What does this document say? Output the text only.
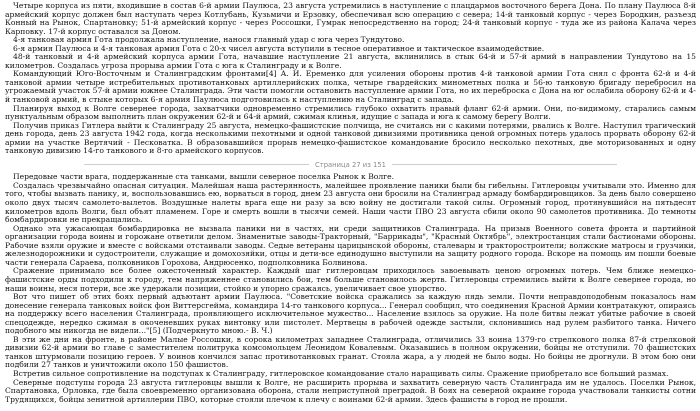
Четыре корпуса из пяти, входившие в состав 6-й армии Паулюса, 23 августа устремились в наступление с плацдармов восточного берега Дона. По плану Паулюса 8-й армейский корпус должен был наступать через Котлубань, Кузьмичи и Ерзовку, обеспечивая всю операцию с севера; 14-й танковый корпус - через Бородкин, разъезд Конный на Рынок, Спартановку; 51-й армейский корпус - через Россошки, Гумрак непосредственно на город; 24-й танковый корпус - туда же из района Калача через Карповку. 17-й корпус оставался за Доном.

4-я танковая армия Гота продолжала наступление, нанося главный удар с юга через Тундутово.

6-я армия Паулюса и 4-я танковая армия Гота с 20-х чисел августа вступили в тесное оперативное и тактическое взаимодействие.

48-й танковый и 4-й армейский корпуса армии Гота, начавшие наступление 21 августа, вклинились в стык 64-й и 57-й армий в направлении Тундутово на 15 километров. Создалась угроза прорыва армии Гота с юга к Сталинграду и к Волге.

Командующий Юго-Восточным и Сталинградским фронтами[4] А. И. Еременко для усиления обороны против 4-й танковой армии Гота снял с фронта 62-й и 4-й танковой армии четыре истребительных противотанковых артиллерийских полка, четыре гвардейских минометных полка и 56-ю танковую бригаду перебросил на угрожаемый участок 57-й армии южнее Сталинграда. Эти части помогли остановить наступление армии Гота, но их переброска с Дона на юг ослабила оборону 62-й и 4-й танковой армий, в стыке которых 6-я армия Паулюса подготовилась к наступлению на Сталинград с запада.

Планируя выход к Волге севернее города, захватчики одновременно стремились глубоко охватить правый фланг 62-й армии. Они, по-видимому, старались самым пунктуальным образом выполнить план окружения 62-й и 64-й армий, сжимая клинья, идущие с запада и юга к самому берегу Волги.

Получив приказ Гитлера выйти к Сталинграду 25 августа, немецко-фашистские полчища, не считаясь ни с какими потерями, рвались к Волге. Наступил трагический день города, день 23 августа 1942 года, когда несколькими пехотными и одной танковой дивизиями противника ценой огромных потерь удалось прорвать оборону 62-й армии на участке Вертячий - Песковатка. В образовавшийся прорыв немецко-фашистское командование бросило несколько пехотных, две моторизованных и одну танковую дивизию 14-го танкового и 8-го армейского корпусов.

Страница 27 из 151

Передовые части врага, поддержанные ста танками, вышли северное поселка Рынок к Волге.

Создалась чрезвычайно опасная ситуация. Малейшая наша растерянность, малейшее проявление паники были бы гибельны. Гитлеровцы учитывали это. Именно для того, чтобы вызвать панику, и, воспользовавшись ею, ворваться в город, днем 23 августа они бросили на Сталинград армаду бомбардировщиков. За день было совершено около двух тысяч самолето-вылетов. Воздушные налеты врага еще ни разу за всю войну не достигали такой силы. Огромный город, протянувшийся на пятьдесят километров вдоль Волги, был объят пламенем. Горе и смерть вошли в тысячи семей. Наши части ПВО 23 августа сбили около 90 самолетов противника. До темноты бомбардировки не прекращались.

Однако эта ужасающая бомбардировка не вызвала паники ни в частях, ни среди защитников Сталинграда. На призыв Военного совета фронта и партийной организации города воины и горожане ответили делом. Знаменитые заводы-Тракторный, "Баррикады", "Красный Октябрь", электростанция стали бастионами обороны. Рабочие взяли оружие и вместе с войсками отстаивали заводы. Седые ветераны царицынской обороны, сталевары и тракторостроители; волжские матросы и грузчики, железнодорожники и судостроители, служащие и домохозяйки, отцы и дети-все единодушно выступили на защиту родного города. Вскоре на помощь им пошли боевые части генерала Сараева, полковников Горохова, Андрюсенко, подполковника Болвинова.

Сражение принимало все более ожесточенный характер. Каждый шаг гитлеровцам приходилось завоевывать ценою огромных потерь. Чем ближе немецко-фашистские орды подходили к городу, тем напряженнее становились бои, тем больше становилось жертв. Гитлеровцы стремились выйти к Волге севернее города, но наши воины, неся потери, все же удержали позиции, стойко и упорно сражаясь, увеличивает свое упорство.

Вот что пишет об этих боях первый адъютант армии Паулюса. "Советские войска сражались за каждую пядь земли. Почти неправдоподобным показалось нам донесение генерала танковых войск фон Виттерсгейма, командира 14-го танкового корпуса... Генерал сообщил, что соединения Красной Армии контратакуют, опираясь на поддержку всего населения Сталинграда, проявляющего исключительное мужество... Население взялось за оружие. На поле битвы лежат убитые рабочие в своей спецодежде, нередко сжимая в окоченевших руках винтовку или пистолет. Мертвецы в рабочей одежде застыли, склонившись над рулем разбитого танка. Ничего подобного мы никогда не видели..."[5] (Подчеркнуто мною.- В. Ч.)

В эти же дни на фронте, в районе Малые Россошки, в сорока километрах западнее Сталинграда, отличились 33 воина 1379-го стрелкового полка 87-й стрелковой дивизии 62-й армии во главе с заместителем политрука комсомольцем Леонидом Ковалевым. Оказавшись в полном окружении, бойцы не отступили. 70 фашистских танков штурмовали позицию героев. У воинов кончился запас противотанковых гранат. Стояла жара, а у людей не было воды. Но бойцы не дрогнули. В этом бою они подбили 27 танков и уничтожили около 150 фашистов.

Встретив сильное сопротивление на подступах к Сталинграду, гитлеровское командование стало наращивать силы. Сражение приобретало все больший размах.

Северные подступы города 23 августа гитлеровцы вышли к Волге, не расширить прорыва и захватить северную часть Сталинграда им не удалось. Поселки Рынок, Спартановка, Орловка, где была своевременно организована оборона, стали неприступной преградой. В боях на северной окраине города участвовали танкисты сотни Трудящихся, бойцы зенитной артиллерии ПВО, которые стояли плечом к плечу с воинами 62-й армии. Здесь фашисты в город не прошли.
